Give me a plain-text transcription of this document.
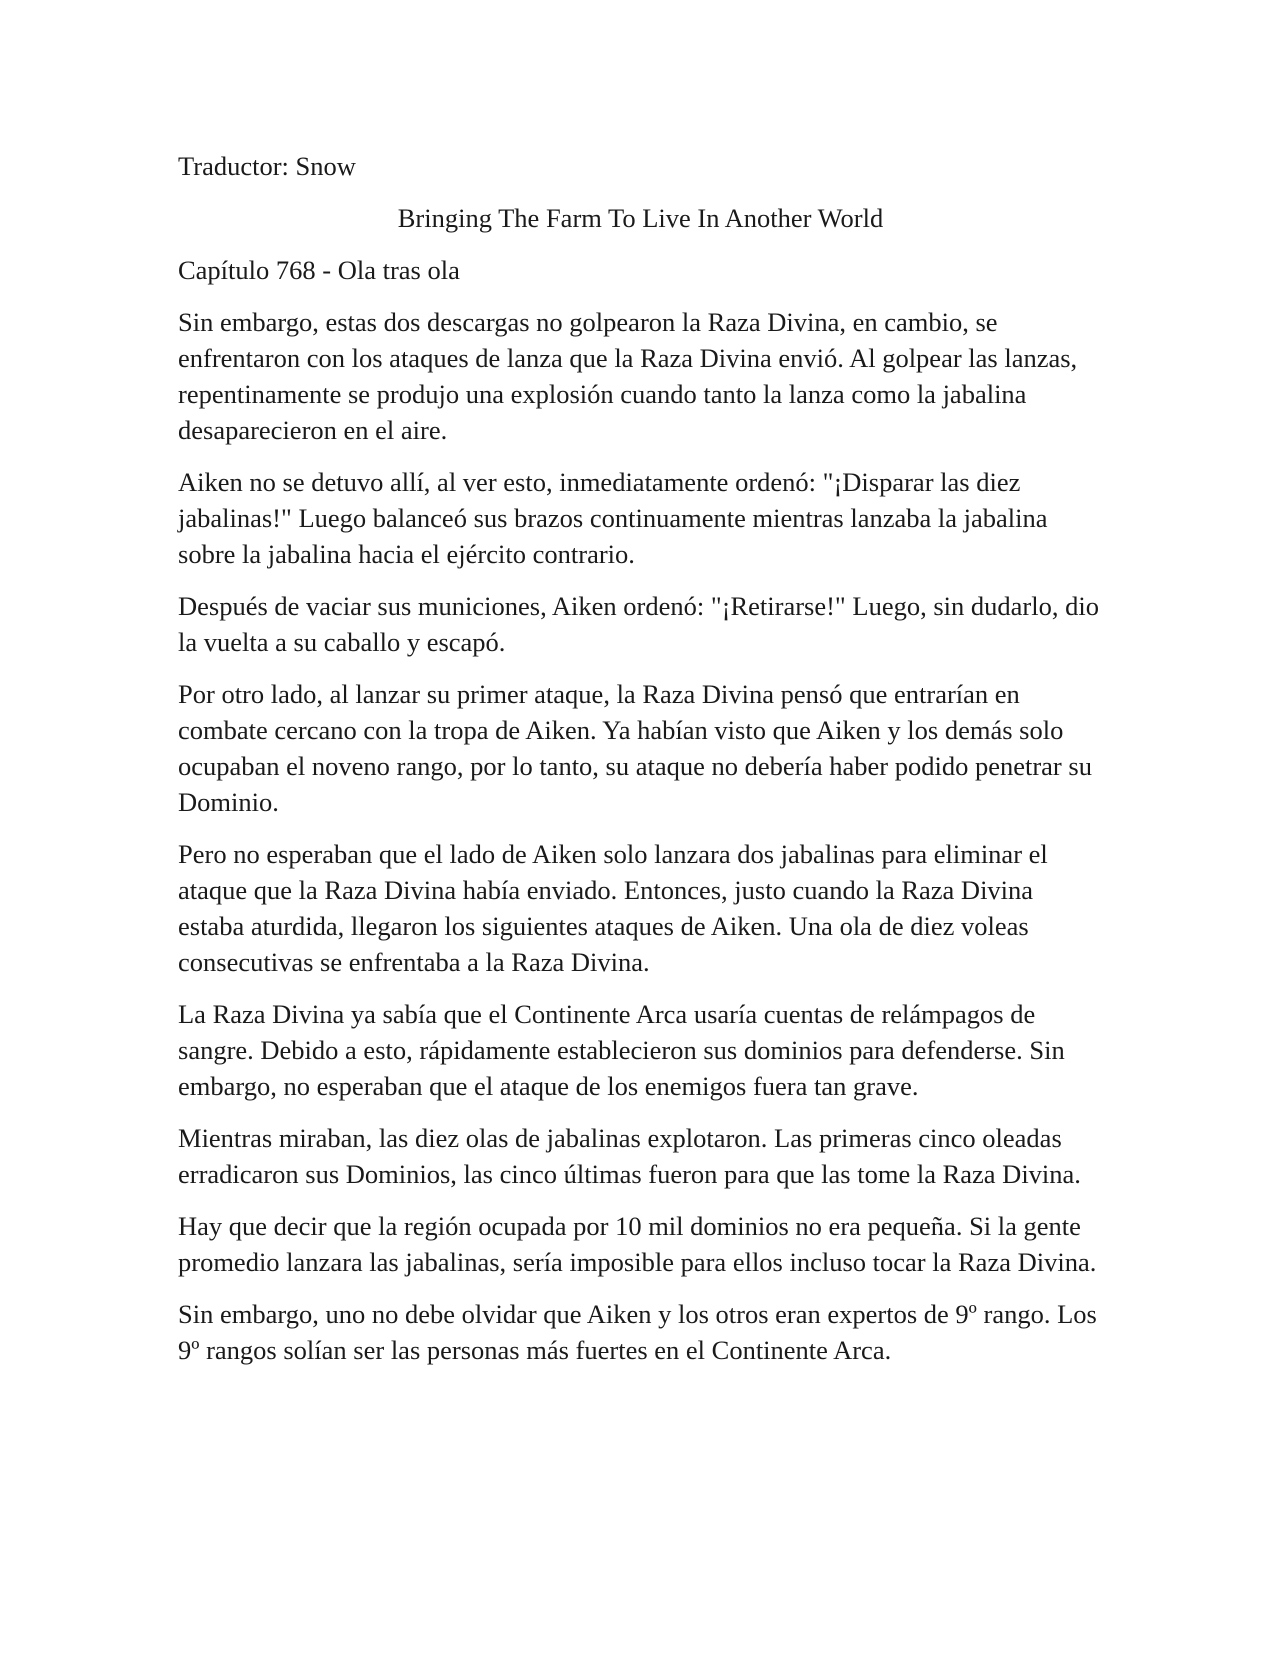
Traductor: Snow

Bringing The Farm To Live In Another World

Capítulo 768 - Ola tras ola

Sin embargo, estas dos descargas no golpearon la Raza Divina, en cambio, se enfrentaron con los ataques de lanza que la Raza Divina envió. Al golpear las lanzas, repentinamente se produjo una explosión cuando tanto la lanza como la jabalina desaparecieron en el aire.

Aiken no se detuvo allí, al ver esto, inmediatamente ordenó: "¡Disparar las diez jabalinas!" Luego balanceó sus brazos continuamente mientras lanzaba la jabalina sobre la jabalina hacia el ejército contrario.

Después de vaciar sus municiones, Aiken ordenó: "¡Retirarse!" Luego, sin dudarlo, dio la vuelta a su caballo y escapó.

Por otro lado, al lanzar su primer ataque, la Raza Divina pensó que entrarían en combate cercano con la tropa de Aiken. Ya habían visto que Aiken y los demás solo ocupaban el noveno rango, por lo tanto, su ataque no debería haber podido penetrar su Dominio.

Pero no esperaban que el lado de Aiken solo lanzara dos jabalinas para eliminar el ataque que la Raza Divina había enviado. Entonces, justo cuando la Raza Divina estaba aturdida, llegaron los siguientes ataques de Aiken. Una ola de diez voleas consecutivas se enfrentaba a la Raza Divina.

La Raza Divina ya sabía que el Continente Arca usaría cuentas de relámpagos de sangre. Debido a esto, rápidamente establecieron sus dominios para defenderse. Sin embargo, no esperaban que el ataque de los enemigos fuera tan grave.

Mientras miraban, las diez olas de jabalinas explotaron. Las primeras cinco oleadas erradicaron sus Dominios, las cinco últimas fueron para que las tome la Raza Divina.

Hay que decir que la región ocupada por 10 mil dominios no era pequeña. Si la gente promedio lanzara las jabalinas, sería imposible para ellos incluso tocar la Raza Divina.

Sin embargo, uno no debe olvidar que Aiken y los otros eran expertos de 9º rango. Los 9º rangos solían ser las personas más fuertes en el Continente Arca.
